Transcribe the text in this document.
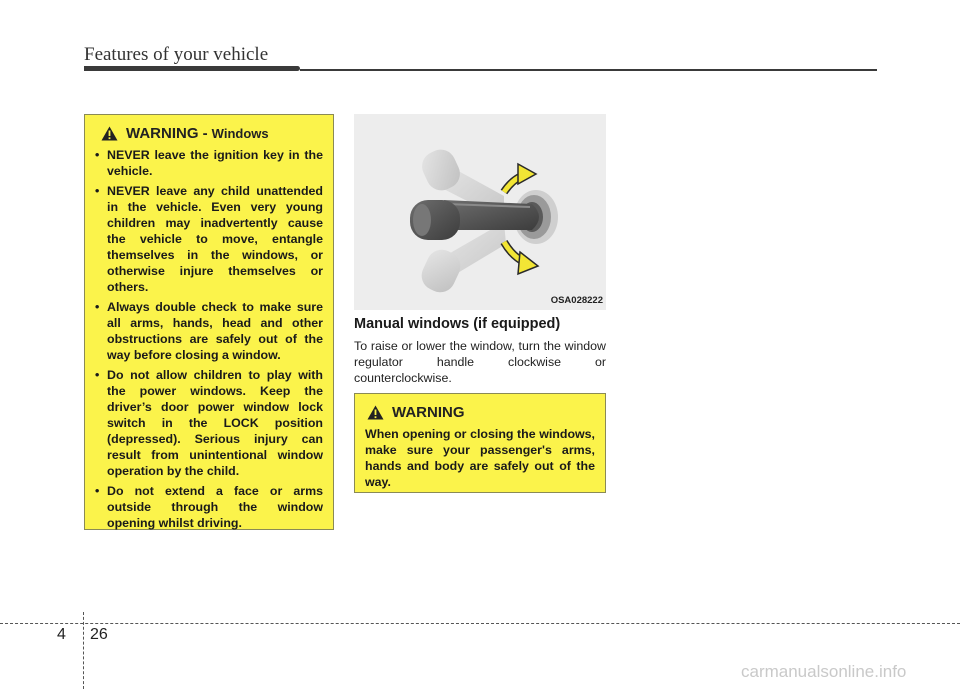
Features of your vehicle
WARNING - Windows
• NEVER leave the ignition key in the vehicle.
• NEVER leave any child unattended in the vehicle. Even very young children may inadvertently cause the vehicle to move, entangle themselves in the windows, or otherwise injure themselves or others.
• Always double check to make sure all arms, hands, head and other obstructions are safely out of the way before closing a window.
• Do not allow children to play with the power windows. Keep the driver’s door power window lock switch in the LOCK position (depressed). Serious injury can result from unintentional window operation by the child.
• Do not extend a face or arms outside through the window opening whilst driving.
OSA028222
Manual windows (if equipped)
To raise or lower the window, turn the window regulator handle clockwise or counterclockwise.
WARNING
When opening or closing the windows, make sure your passenger's arms, hands and body are safely out of the way.
4 26
carmanualsonline.info
